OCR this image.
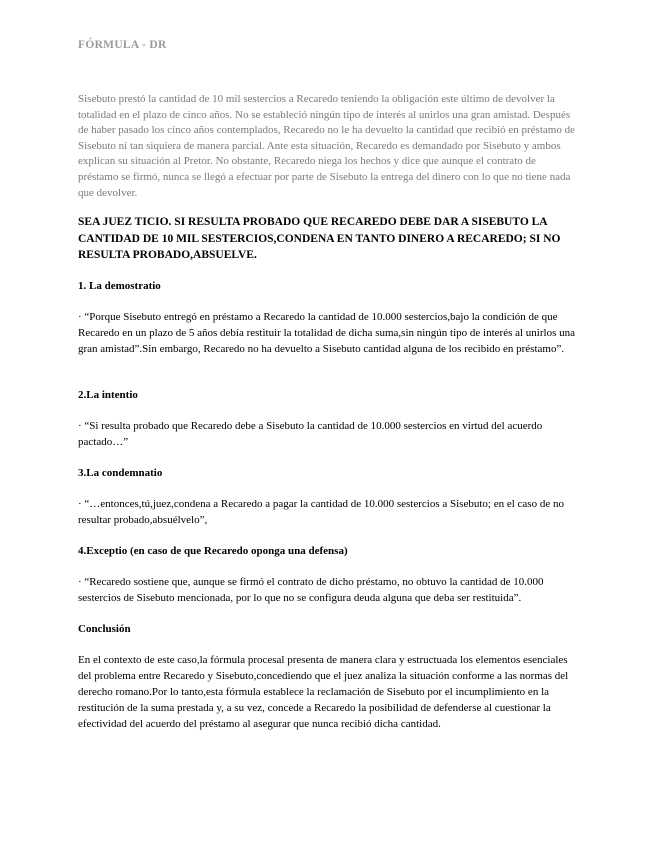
FÓRMULA - DR

Sisebuto prestó la cantidad de 10 mil sestercios a Recaredo teniendo la obligación este último de devolver la totalidad en el plazo de cinco años. No se estableció ningún tipo de interés al unirlos una gran amistad. Después de haber pasado los cinco años contemplados, Recaredo no le ha devuelto la cantidad que recibió en préstamo de Sisebuto ni tan siquiera de manera parcial. Ante esta situación, Recaredo es demandado por Sisebuto y ambos explican su situación al Pretor. No obstante, Recaredo niega los hechos y dice que aunque el contrato de préstamo se firmó, nunca se llegó a efectuar por parte de Sisebuto la entrega del dinero con lo que no tiene nada que devolver.

SEA JUEZ TICIO. SI RESULTA PROBADO QUE RECAREDO DEBE DAR A SISEBUTO LA CANTIDAD DE 10 MIL SESTERCIOS,CONDENA EN TANTO DINERO A RECAREDO; SI NO RESULTA PROBADO,ABSUELVE.

1. La demostratio

· “Porque Sisebuto entregó en préstamo a Recaredo la cantidad de 10.000 sestercios,bajo la condición de que Recaredo en un plazo de 5 años debía restituir la totalidad de dicha suma,sin ningún tipo de interés al unirlos una gran amistad”.Sin embargo, Recaredo no ha devuelto a Sisebuto cantidad alguna de los recibido en préstamo”.

2.La intentio

· “Si resulta probado que Recaredo debe a Sisebuto la cantidad de 10.000 sestercios en virtud del acuerdo pactado…”

3.La condemnatio

· “…entonces,tú,juez,condena a Recaredo a pagar la cantidad de 10.000 sestercios a Sisebuto; en el caso de no resultar probado,absuélvelo”,

4.Exceptio (en caso de que Recaredo oponga una defensa)

· “Recaredo sostiene que, aunque se firmó el contrato de dicho préstamo, no obtuvo la cantidad de 10.000 sestercios de Sisebuto mencionada, por lo que no se configura deuda alguna que deba ser restituida”.

Conclusión

En el contexto de este caso,la fórmula procesal presenta de manera clara y estructuada los elementos esenciales del problema entre Recaredo y Sisebuto,concediendo que el juez analiza la situación conforme a las normas del derecho romano.Por lo tanto,esta fórmula establece la reclamación de Sisebuto por el incumplimiento en la restitución de la suma prestada y, a su vez, concede a Recaredo la posibilidad de defenderse al cuestionar la efectividad del acuerdo del préstamo al asegurar que nunca recibió dicha cantidad.
